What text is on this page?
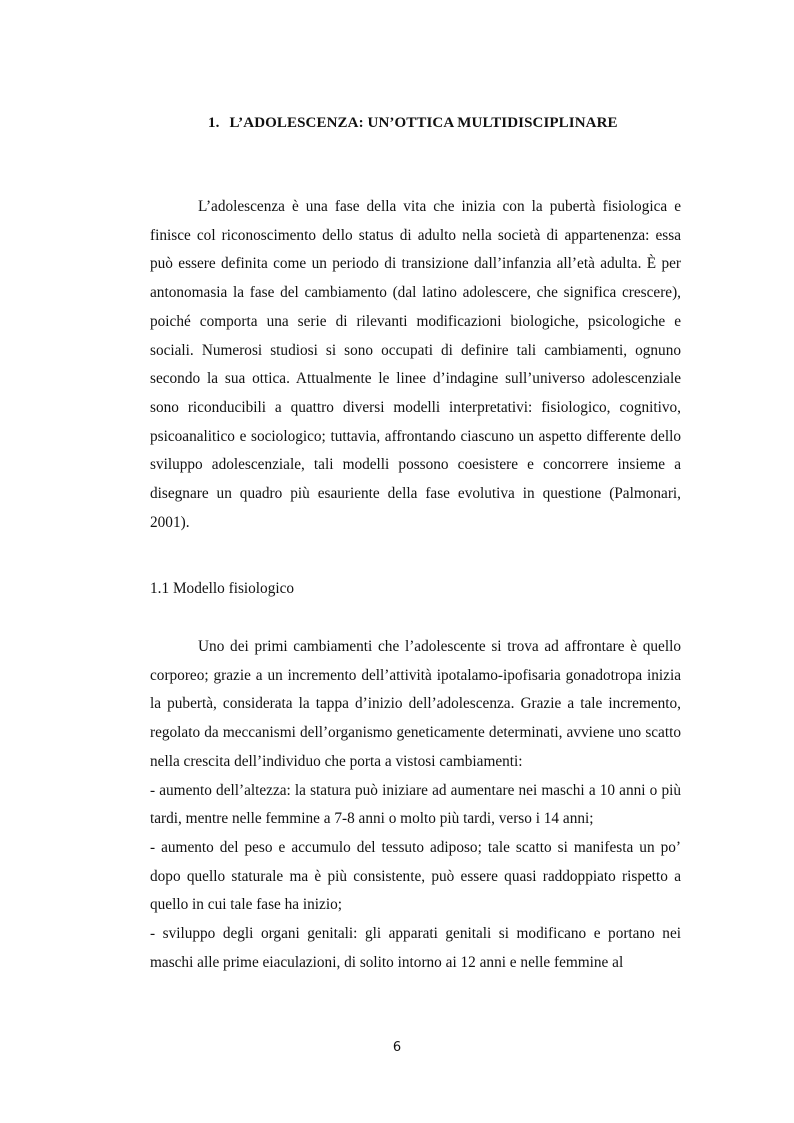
1. L’ADOLESCENZA: UN’OTTICA MULTIDISCIPLINARE

L’adolescenza è una fase della vita che inizia con la pubertà fisiologica e finisce col riconoscimento dello status di adulto nella società di appartenenza: essa può essere definita come un periodo di transizione dall’infanzia all’età adulta. È per antonomasia la fase del cambiamento (dal latino adolescere, che significa crescere), poiché comporta una serie di rilevanti modificazioni biologiche, psicologiche e sociali. Numerosi studiosi si sono occupati di definire tali cambiamenti, ognuno secondo la sua ottica. Attualmente le linee d’indagine sull’universo adolescenziale sono riconducibili a quattro diversi modelli interpretativi: fisiologico, cognitivo, psicoanalitico e sociologico; tuttavia, affrontando ciascuno un aspetto differente dello sviluppo adolescenziale, tali modelli possono coesistere e concorrere insieme a disegnare un quadro più esauriente della fase evolutiva in questione (Palmonari, 2001).

1.1 Modello fisiologico

Uno dei primi cambiamenti che l’adolescente si trova ad affrontare è quello corporeo; grazie a un incremento dell’attività ipotalamo-ipofisaria gonadotropa inizia la pubertà, considerata la tappa d’inizio dell’adolescenza. Grazie a tale incremento, regolato da meccanismi dell’organismo geneticamente determinati, avviene uno scatto nella crescita dell’individuo che porta a vistosi cambiamenti:

- aumento dell’altezza: la statura può iniziare ad aumentare nei maschi a 10 anni o più tardi, mentre nelle femmine a 7-8 anni o molto più tardi, verso i 14 anni;

- aumento del peso e accumulo del tessuto adiposo; tale scatto si manifesta un po’ dopo quello staturale ma è più consistente, può essere quasi raddoppiato rispetto a quello in cui tale fase ha inizio;

- sviluppo degli organi genitali: gli apparati genitali si modificano e portano nei maschi alle prime eiaculazioni, di solito intorno ai 12 anni e nelle femmine al

6
